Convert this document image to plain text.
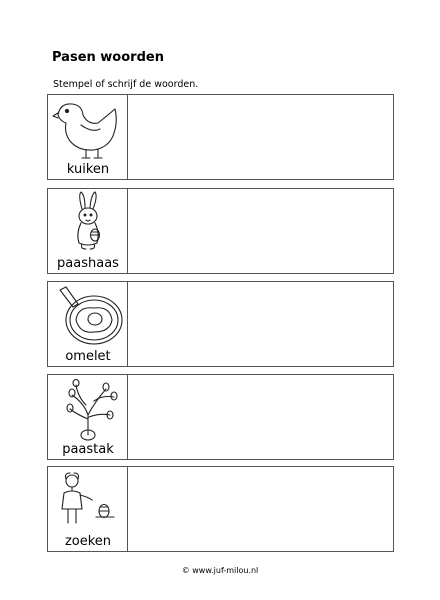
Pasen woorden
Stempel of schrijf de woorden.
kuiken
paashaas
omelet
paastak
zoeken
© www.juf-milou.nl
